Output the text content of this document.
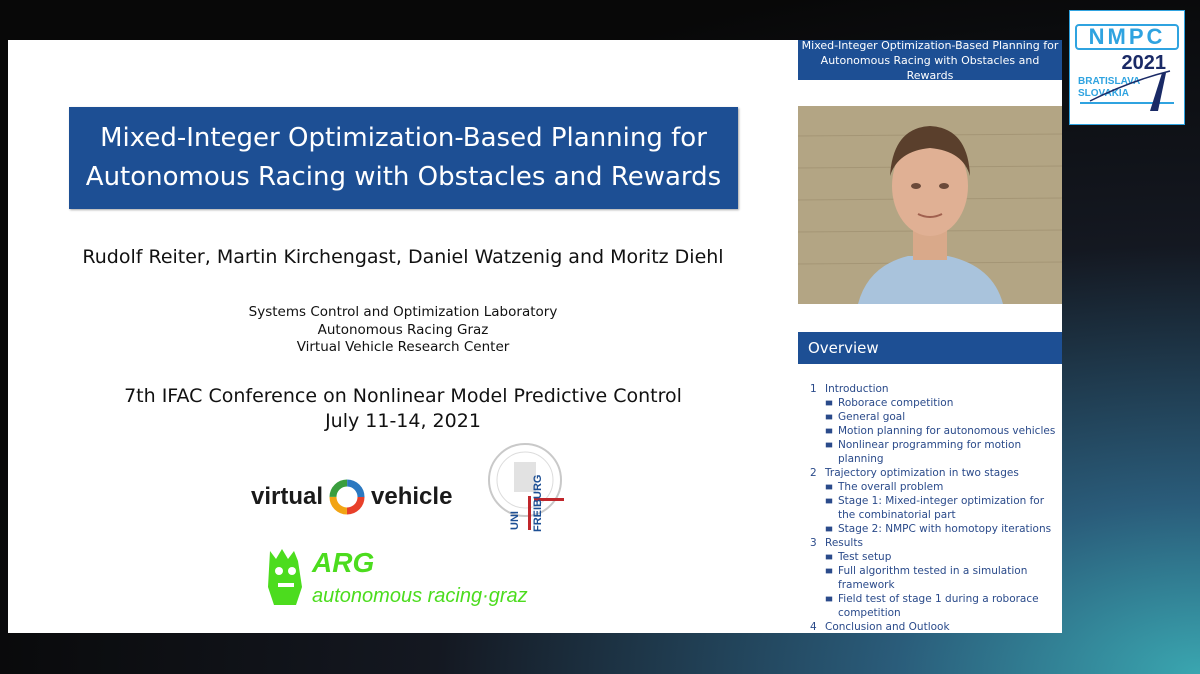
Mixed-Integer Optimization-Based Planning for
Autonomous Racing with Obstacles and Rewards
Rudolf Reiter, Martin Kirchengast, Daniel Watzenig and Moritz Diehl
Systems Control and Optimization Laboratory
Autonomous Racing Graz
Virtual Vehicle Research Center
7th IFAC Conference on Nonlinear Model Predictive Control
July 11-14, 2021
virtual vehicle
UNI FREIBURG
ARG
autonomous racing·graz
Mixed-Integer Optimization-Based Planning for
Autonomous Racing with Obstacles and Rewards
Overview
1 Introduction
Roborace competition
General goal
Motion planning for autonomous vehicles
Nonlinear programming for motion planning
2 Trajectory optimization in two stages
The overall problem
Stage 1: Mixed-integer optimization for the combinatorial part
Stage 2: NMPC with homotopy iterations
3 Results
Test setup
Full algorithm tested in a simulation framework
Field test of stage 1 during a roborace competition
4 Conclusion and Outlook
NMPC
2021
BRATISLAVA
SLOVAKIA
